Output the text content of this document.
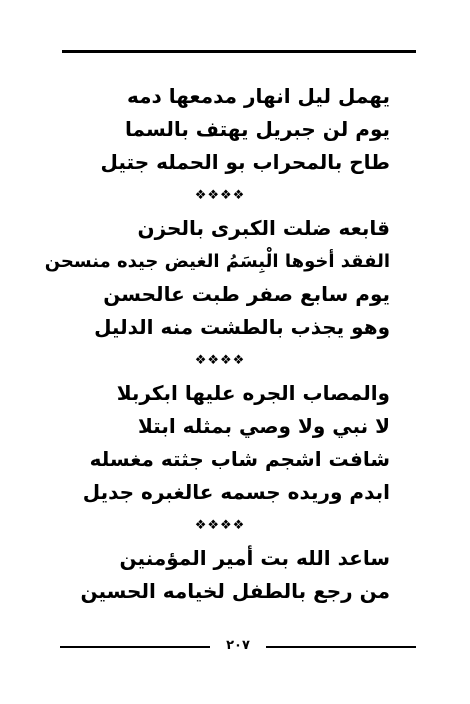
يهمل ليل انهار مدمعها دمه
يوم لن جبريل يهتف بالسما
طاح بالمحراب بو الحمله جتيل
❖❖❖❖
قابعه ضلت الكبرى بالحزن
الفقد أخوها الْبِسَمُ الغيض جيده منسحن
يوم سابع صفر طبت عالحسن
وهو يجذب بالطشت منه الدليل
❖❖❖❖
والمصاب الجره عليها ابكربلا
لا نبي ولا وصي بمثله ابتلا
شافت اشجم شاب جثته مغسله
ابدم وريده جسمه عالغبره جديل
❖❖❖❖
ساعد الله بت أمير المؤمنين
من رجع بالطفل لخيامه الحسين
٢٠٧
